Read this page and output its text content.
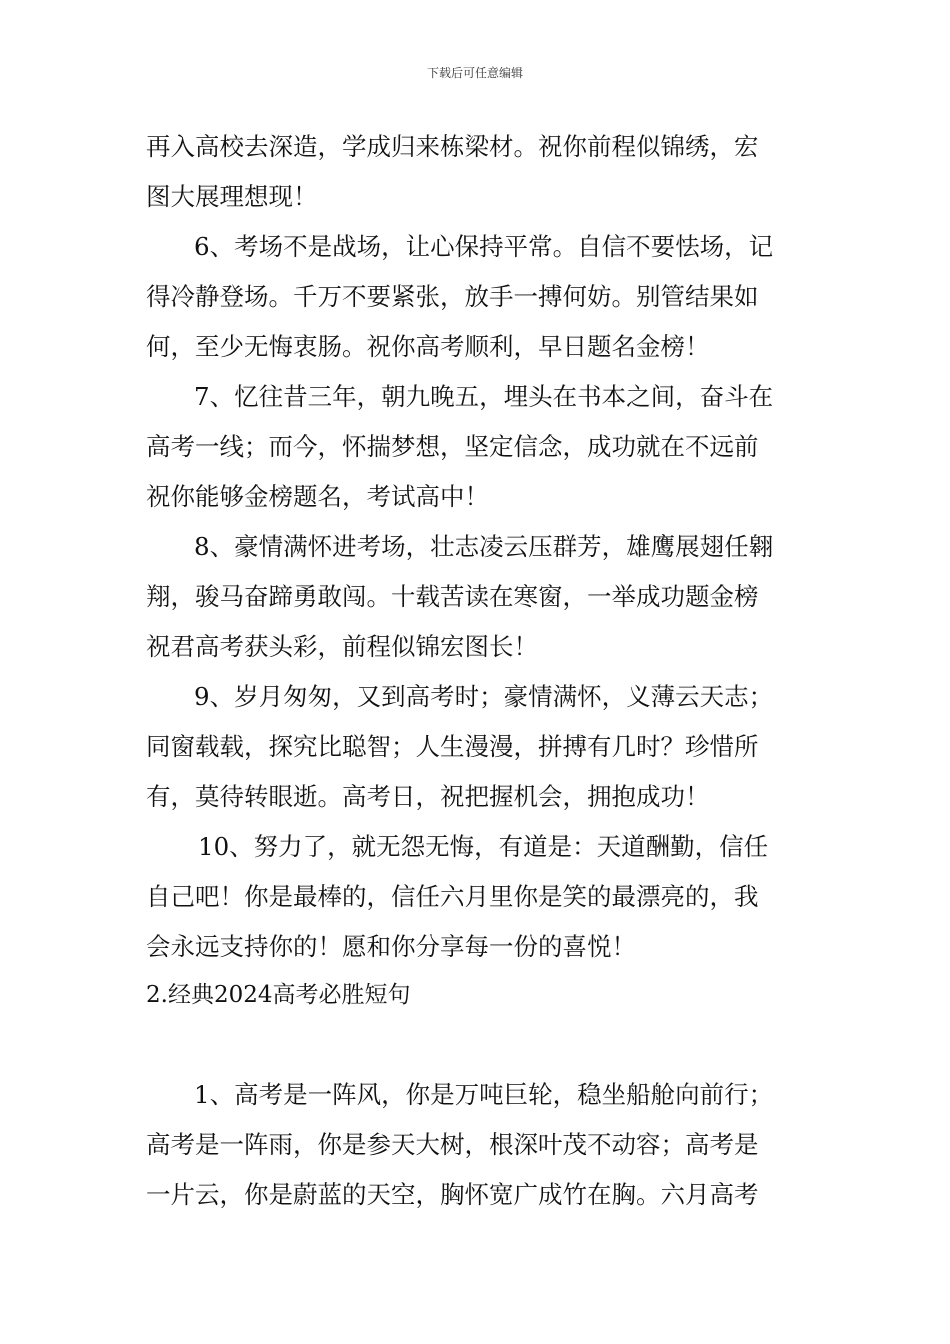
下载后可任意编辑
再入高校去深造，学成归来栋梁材。祝你前程似锦绣，宏
图大展理想现！
6、考场不是战场，让心保持平常。自信不要怯场，记
得冷静登场。千万不要紧张，放手一搏何妨。别管结果如
何，至少无悔衷肠。祝你高考顺利，早日题名金榜！
7、忆往昔三年，朝九晚五，埋头在书本之间，奋斗在
高考一线；而今，怀揣梦想，坚定信念，成功就在不远前
祝你能够金榜题名，考试高中！
8、豪情满怀进考场，壮志凌云压群芳，雄鹰展翅任翱
翔，骏马奋蹄勇敢闯。十载苦读在寒窗，一举成功题金榜
祝君高考获头彩，前程似锦宏图长！
9、岁月匆匆，又到高考时；豪情满怀，义薄云天志；
同窗载载，探究比聪智；人生漫漫，拼搏有几时？珍惜所
有，莫待转眼逝。高考日，祝把握机会，拥抱成功！
10、努力了，就无怨无悔，有道是：天道酬勤，信任
自己吧！你是最棒的，信任六月里你是笑的最漂亮的，我
会永远支持你的！愿和你分享每一份的喜悦！
2.经典2024高考必胜短句
1、高考是一阵风，你是万吨巨轮，稳坐船舱向前行；
高考是一阵雨，你是参天大树，根深叶茂不动容；高考是
一片云，你是蔚蓝的天空，胸怀宽广成竹在胸。六月高考
